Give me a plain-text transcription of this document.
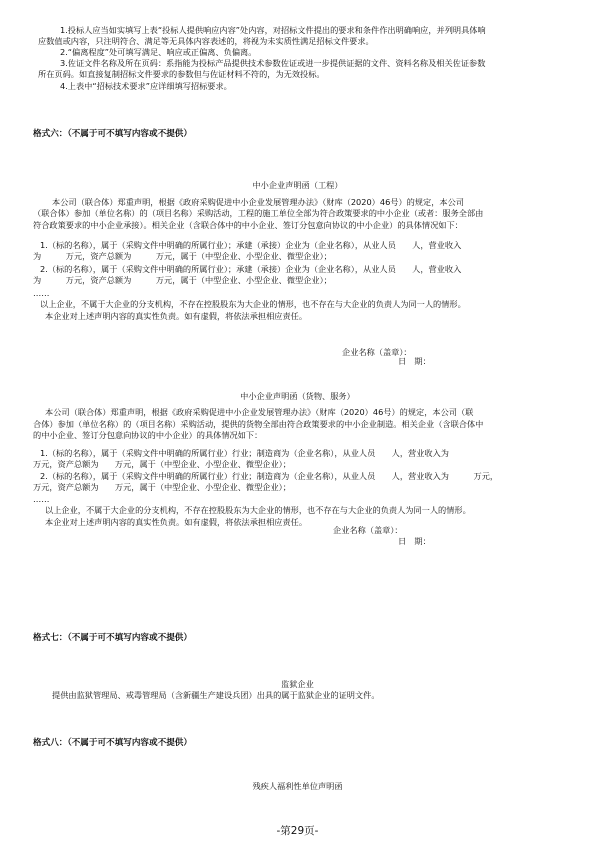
1.投标人应当如实填写上表“投标人提供响应内容”处内容，对招标文件提出的要求和条件作出明确响应，并列明具体响
应数值或内容，只注明符合、满足等无具体内容表述的，将视为未实质性满足招标文件要求。
2.“偏离程度”处可填写满足、响应或正偏离、负偏离。
3.佐证文件名称及所在页码：系指能为投标产品提供技术参数佐证或进一步提供证据的文件、资料名称及相关佐证参数
所在页码。如直接复制招标文件要求的参数但与佐证材料不符的，为无效投标。
4.上表中“招标技术要求”应详细填写招标要求。
格式六：（不属于可不填写内容或不提供）
中小企业声明函（工程）
本公司（联合体）郑重声明，根据《政府采购促进中小企业发展管理办法》（财库（2020）46号）的规定，本公司
（联合体）参加（单位名称）的（项目名称）采购活动，工程的施工单位全部为符合政策要求的中小企业（或者：服务全部由
符合政策要求的中小企业承接）。相关企业（含联合体中的中小企业、签订分包意向协议的中小企业）的具体情况如下：
1.（标的名称），属于（采购文件中明确的所属行业）；承建（承接）企业为（企业名称），从业人员　　人，营业收入
为　　　万元，资产总额为　　　万元，属于（中型企业、小型企业、微型企业）；
2.（标的名称），属于（采购文件中明确的所属行业）；承建（承接）企业为（企业名称），从业人员　　人，营业收入
为　　　万元，资产总额为　　　万元，属于（中型企业、小型企业、微型企业）；
……
以上企业，不属于大企业的分支机构，不存在控股股东为大企业的情形，也不存在与大企业的负责人为同一人的情形。
本企业对上述声明内容的真实性负责。如有虚假，将依法承担相应责任。
企业名称（盖章）：
日　期：
中小企业声明函（货物、服务）
本公司（联合体）郑重声明，根据《政府采购促进中小企业发展管理办法》（财库（2020）46号）的规定，本公司（联
合体）参加（单位名称）的（项目名称）采购活动，提供的货物全部由符合政策要求的中小企业制造。相关企业（含联合体中
的中小企业、签订分包意向协议的中小企业）的具体情况如下：
1.（标的名称），属于（采购文件中明确的所属行业）行业；制造商为（企业名称），从业人员　　人，营业收入为
万元，资产总额为　　万元，属于（中型企业、小型企业、微型企业）；
2.（标的名称），属于（采购文件中明确的所属行业）行业；制造商为（企业名称），从业人员　　人，营业收入为　　　万元，
万元，资产总额为　　万元，属于（中型企业、小型企业、微型企业）；
……
以上企业，不属于大企业的分支机构，不存在控股股东为大企业的情形，也不存在与大企业的负责人为同一人的情形。
本企业对上述声明内容的真实性负责。如有虚假，将依法承担相应责任。
企业名称（盖章）：
日　期：
格式七：（不属于可不填写内容或不提供）
监狱企业
提供由监狱管理局、戒毒管理局（含新疆生产建设兵团）出具的属于监狱企业的证明文件。
格式八：（不属于可不填写内容或不提供）
残疾人福利性单位声明函
-第29页-
